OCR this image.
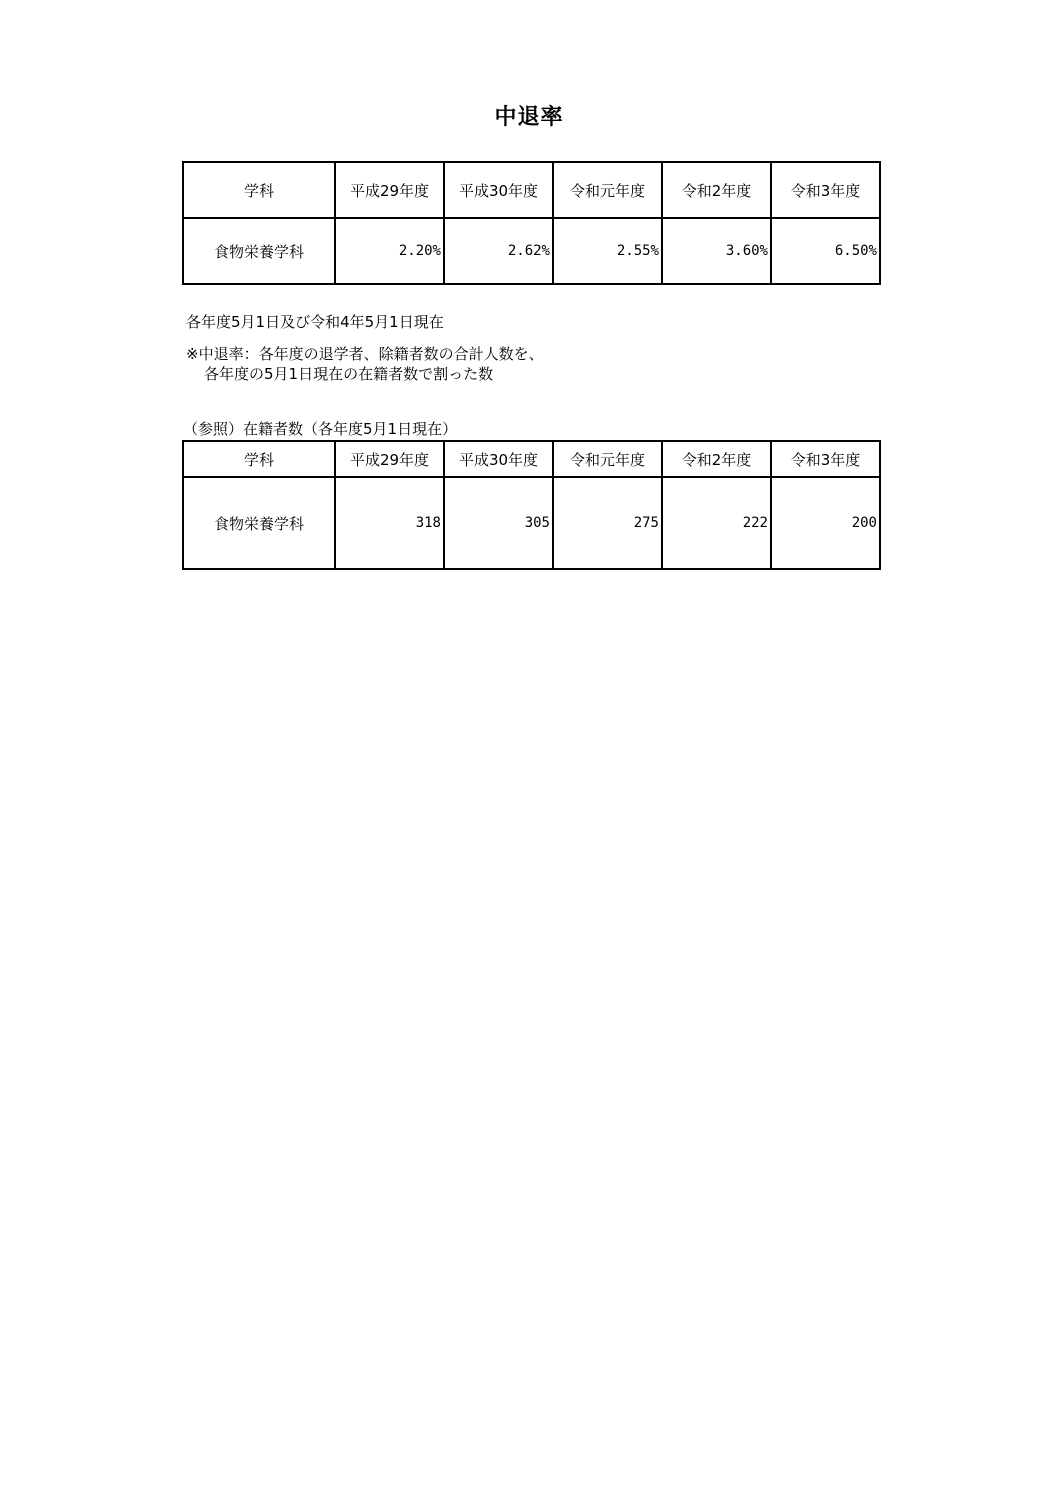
中退率
学科	平成29年度	平成30年度	令和元年度	令和2年度	令和3年度
食物栄養学科	2.20%	2.62%	2.55%	3.60%	6.50%
各年度5月1日及び令和4年5月1日現在
※中退率：各年度の退学者、除籍者数の合計人数を、
各年度の5月1日現在の在籍者数で割った数
（参照）在籍者数（各年度5月1日現在）
学科	平成29年度	平成30年度	令和元年度	令和2年度	令和3年度
食物栄養学科	318	305	275	222	200
